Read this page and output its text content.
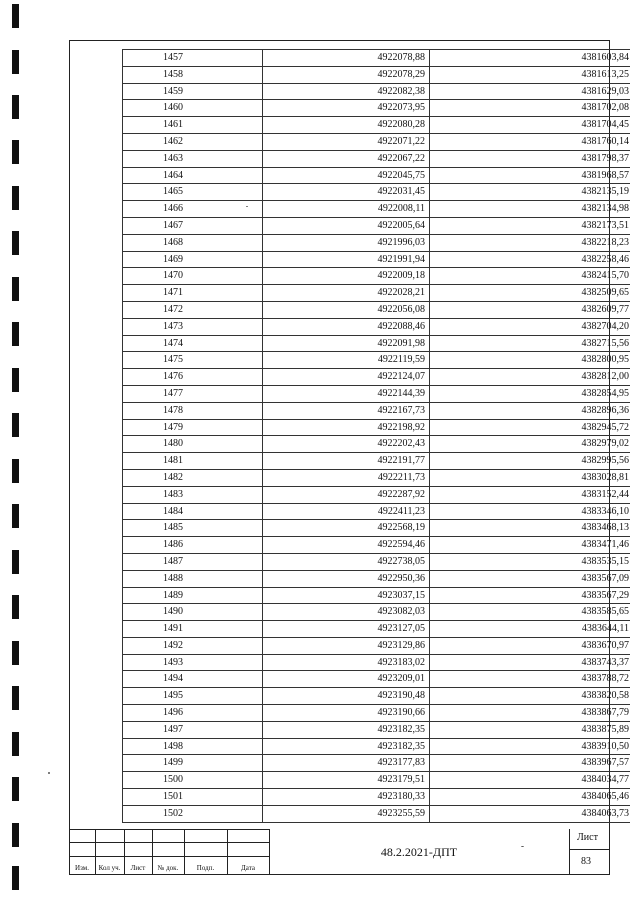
1457	4922078,88	4381603,84
1458	4922078,29	4381613,25
1459	4922082,38	4381629,03
1460	4922073,95	4381702,08
1461	4922080,28	4381704,45
1462	4922071,22	4381760,14
1463	4922067,22	4381798,37
1464	4922045,75	4381968,57
1465	4922031,45	4382135,19
1466	4922008,11	4382134,98
1467	4922005,64	4382173,51
1468	4921996,03	4382218,23
1469	4921991,94	4382258,46
1470	4922009,18	4382415,70
1471	4922028,21	4382509,65
1472	4922056,08	4382609,77
1473	4922088,46	4382704,20
1474	4922091,98	4382715,56
1475	4922119,59	4382800,95
1476	4922124,07	4382812,00
1477	4922144,39	4382854,95
1478	4922167,73	4382896,36
1479	4922198,92	4382945,72
1480	4922202,43	4382979,02
1481	4922191,77	4382995,56
1482	4922211,73	4383028,81
1483	4922287,92	4383152,44
1484	4922411,23	4383346,10
1485	4922568,19	4383468,13
1486	4922594,46	4383471,46
1487	4922738,05	4383535,15
1488	4922950,36	4383567,09
1489	4923037,15	4383567,29
1490	4923082,03	4383585,65
1491	4923127,05	4383644,11
1492	4923129,86	4383670,97
1493	4923183,02	4383743,37
1494	4923209,01	4383788,72
1495	4923190,48	4383820,58
1496	4923190,66	4383867,79
1497	4923182,35	4383875,89
1498	4923182,35	4383910,50
1499	4923177,83	4383967,57
1500	4923179,51	4384034,77
1501	4923180,33	4384065,46
1502	4923255,59	4384063,73
Изм.	Кол уч.	Лист	№ док.	Подп.	Дата
48.2.2021-ДПТ
Лист
83
